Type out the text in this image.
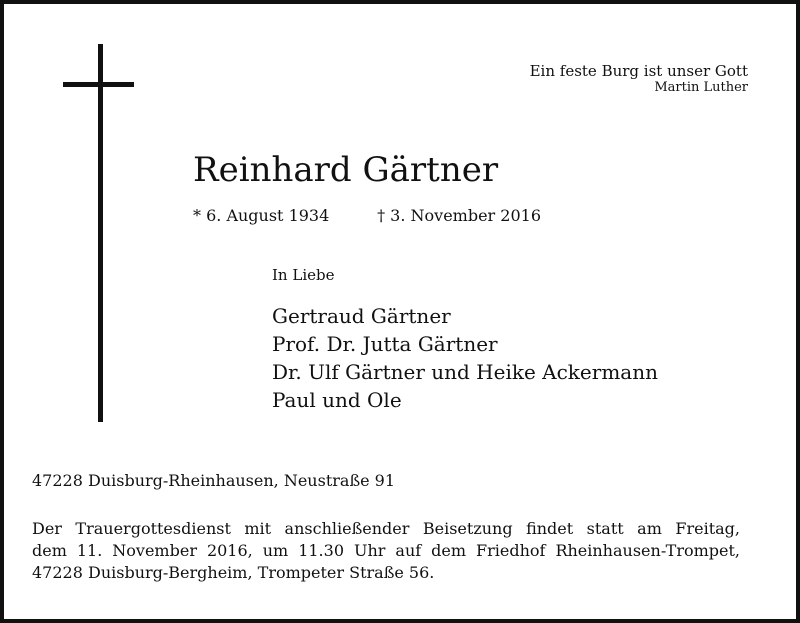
Ein feste Burg ist unser Gott
Martin Luther
Reinhard Gärtner
* 6. August 1934	† 3. November 2016
In Liebe
Gertraud Gärtner
Prof. Dr. Jutta Gärtner
Dr. Ulf Gärtner und Heike Ackermann
Paul und Ole
47228 Duisburg-Rheinhausen, Neustraße 91
Der Trauergottesdienst mit anschließender Beisetzung findet statt am Freitag,
dem 11. November 2016, um 11.30 Uhr auf dem Friedhof Rheinhausen-Trompet,
47228 Duisburg-Bergheim, Trompeter Straße 56.
